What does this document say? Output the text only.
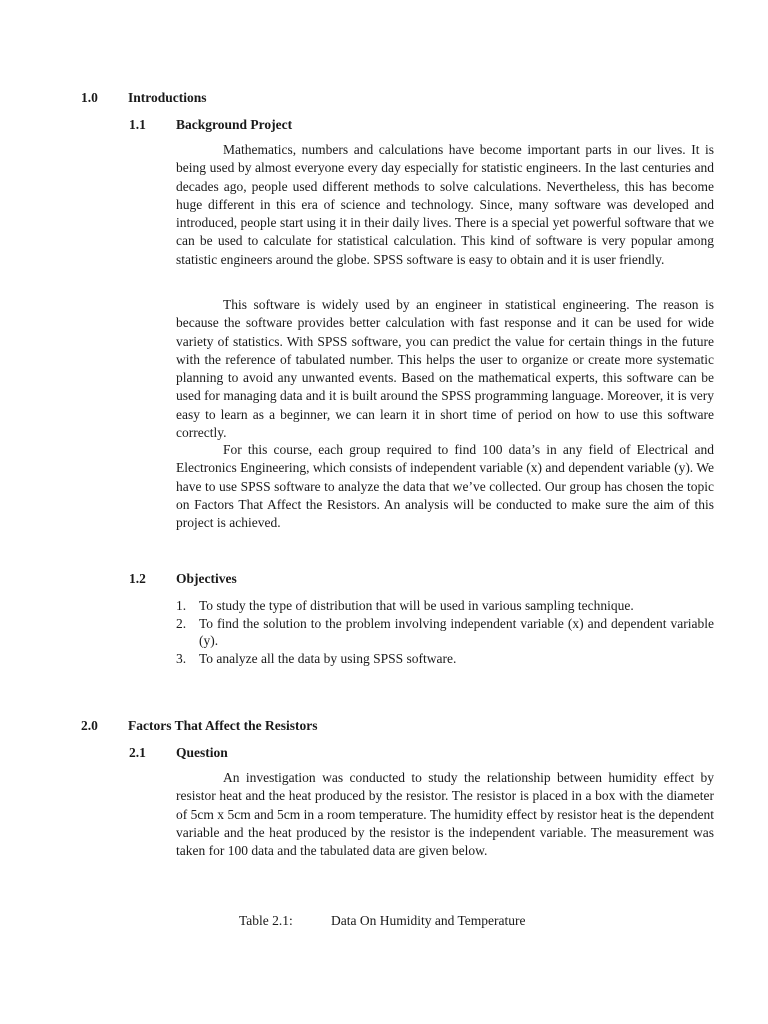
1.0 Introductions
1.1 Background Project

Mathematics, numbers and calculations have become important parts in our lives. It is being used by almost everyone every day especially for statistic engineers. In the last centuries and decades ago, people used different methods to solve calculations. Nevertheless, this has become huge different in this era of science and technology. Since, many software was developed and introduced, people start using it in their daily lives. There is a special yet powerful software that we can be used to calculate for statistical calculation. This kind of software is very popular among statistic engineers around the globe. SPSS software is easy to obtain and it is user friendly.

This software is widely used by an engineer in statistical engineering. The reason is because the software provides better calculation with fast response and it can be used for wide variety of statistics. With SPSS software, you can predict the value for certain things in the future with the reference of tabulated number. This helps the user to organize or create more systematic planning to avoid any unwanted events. Based on the mathematical experts, this software can be used for managing data and it is built around the SPSS programming language. Moreover, it is very easy to learn as a beginner, we can learn it in short time of period on how to use this software correctly.

For this course, each group required to find 100 data’s in any field of Electrical and Electronics Engineering, which consists of independent variable (x) and dependent variable (y). We have to use SPSS software to analyze the data that we’ve collected. Our group has chosen the topic on Factors That Affect the Resistors. An analysis will be conducted to make sure the aim of this project is achieved.

1.2 Objectives
1. To study the type of distribution that will be used in various sampling technique.
2. To find the solution to the problem involving independent variable (x) and dependent variable (y).
3. To analyze all the data by using SPSS software.
2.0 Factors That Affect the Resistors
2.1 Question

An investigation was conducted to study the relationship between humidity effect by resistor heat and the heat produced by the resistor. The resistor is placed in a box with the diameter of 5cm x 5cm and 5cm in a room temperature. The humidity effect by resistor heat is the dependent variable and the heat produced by the resistor is the independent variable. The measurement was taken for 100 data and the tabulated data are given below.

Table 2.1:	Data On Humidity and Temperature
